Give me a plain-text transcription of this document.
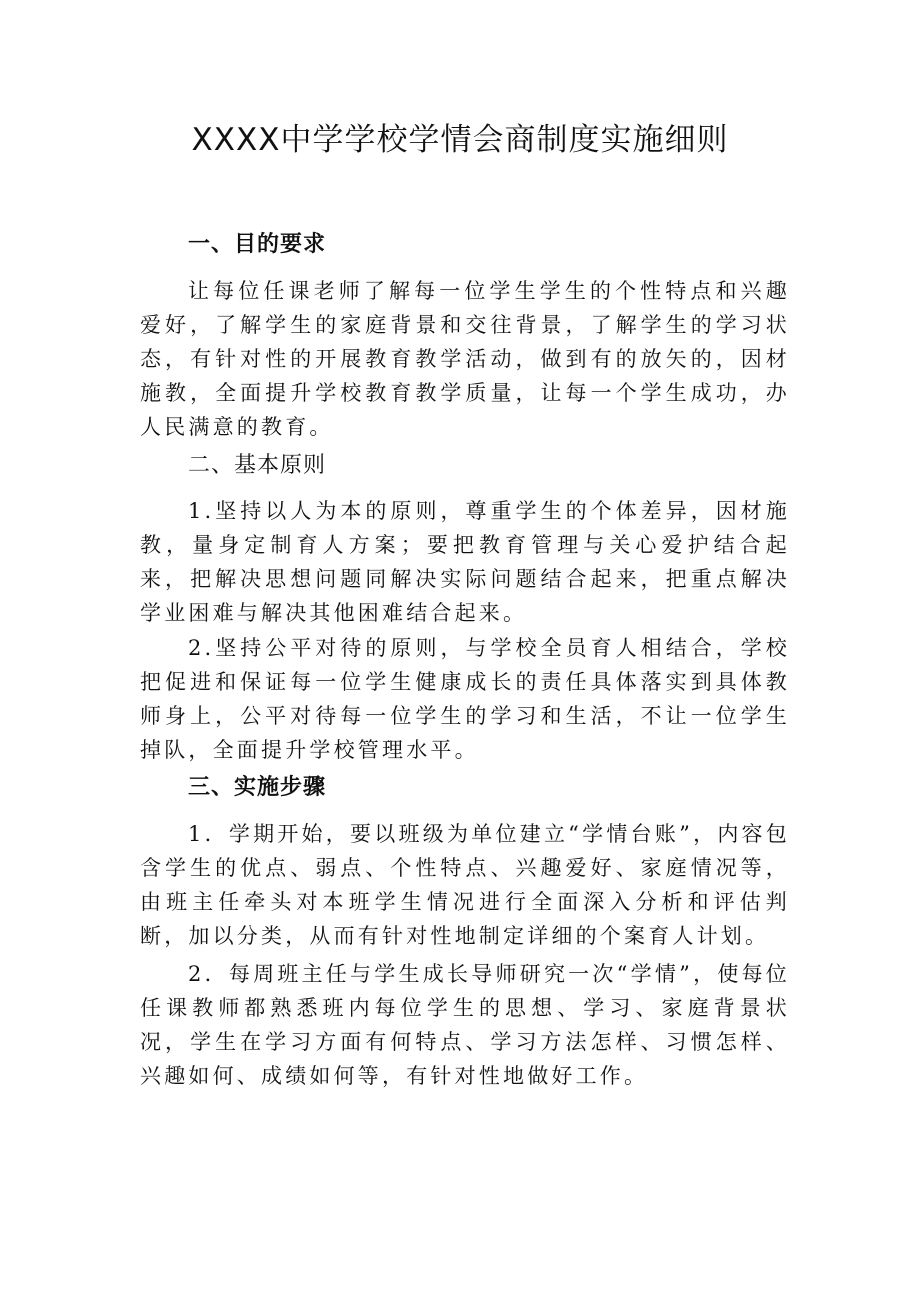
XXXX中学学校学情会商制度实施细则
一、目的要求
让每位任课老师了解每一位学生学生的个性特点和兴趣爱好，了解学生的家庭背景和交往背景，了解学生的学习状态，有针对性的开展教育教学活动，做到有的放矢的，因材施教，全面提升学校教育教学质量，让每一个学生成功，办人民满意的教育。
二、基本原则
1.坚持以人为本的原则，尊重学生的个体差异，因材施教，量身定制育人方案；要把教育管理与关心爱护结合起来，把解决思想问题同解决实际问题结合起来，把重点解决学业困难与解决其他困难结合起来。
2.坚持公平对待的原则，与学校全员育人相结合，学校把促进和保证每一位学生健康成长的责任具体落实到具体教师身上，公平对待每一位学生的学习和生活，不让一位学生掉队，全面提升学校管理水平。
三、实施步骤
1．学期开始，要以班级为单位建立“学情台账”，内容包含学生的优点、弱点、个性特点、兴趣爱好、家庭情况等，由班主任牵头对本班学生情况进行全面深入分析和评估判断，加以分类，从而有针对性地制定详细的个案育人计划。
2．每周班主任与学生成长导师研究一次“学情”，使每位任课教师都熟悉班内每位学生的思想、学习、家庭背景状况，学生在学习方面有何特点、学习方法怎样、习惯怎样、兴趣如何、成绩如何等，有针对性地做好工作。
